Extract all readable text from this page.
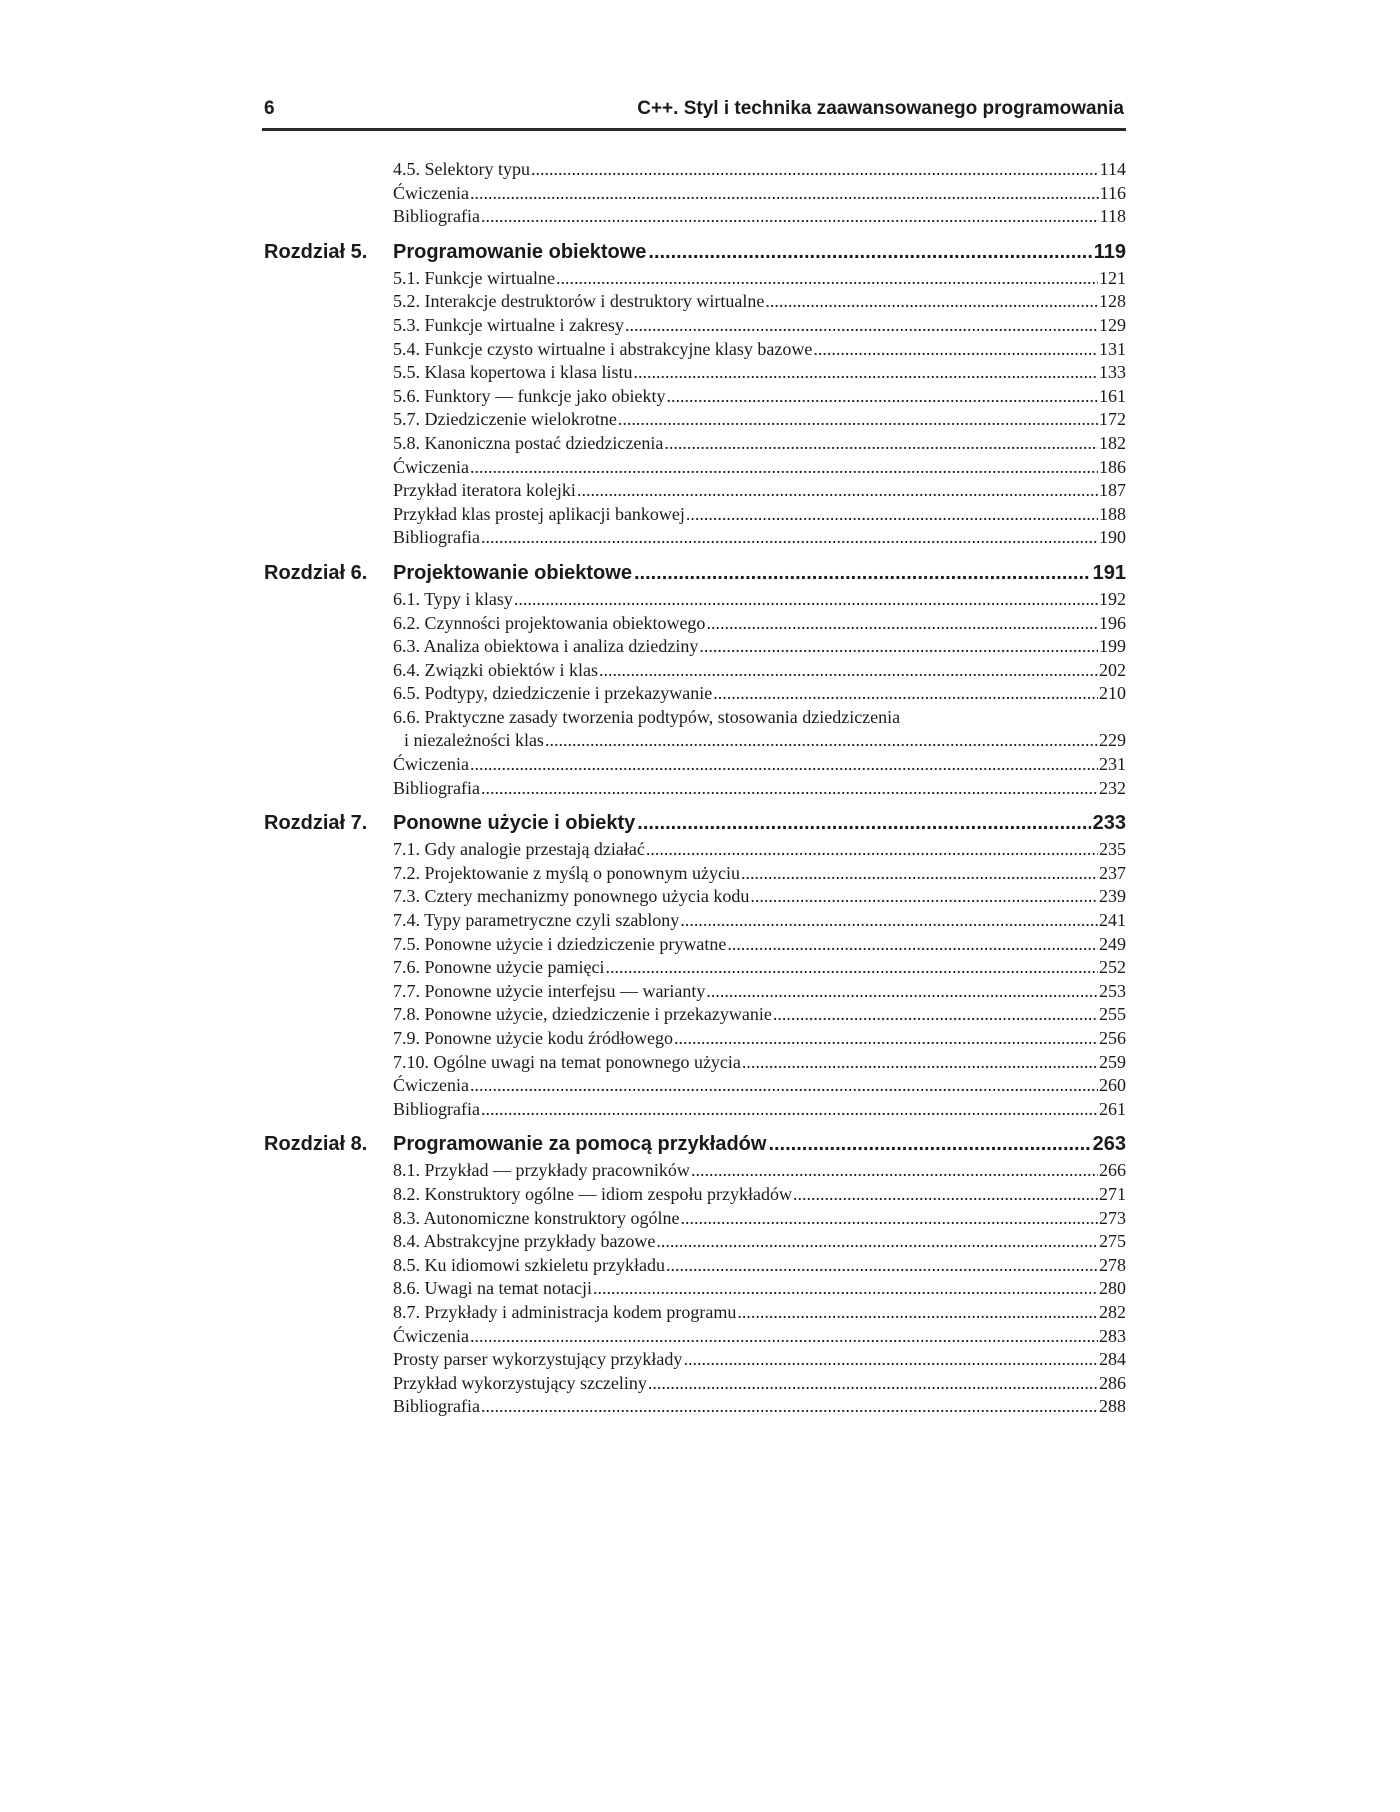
6	C++. Styl i technika zaawansowanego programowania
4.5. Selektory typu .....	114
Ćwiczenia .....	116
Bibliografia .....	118
Rozdział 5. Programowanie obiektowe .....	119
5.1. Funkcje wirtualne .....	121
5.2. Interakcje destruktorów i destruktory wirtualne .....	128
5.3. Funkcje wirtualne i zakresy .....	129
5.4. Funkcje czysto wirtualne i abstrakcyjne klasy bazowe .....	131
5.5. Klasa kopertowa i klasa listu .....	133
5.6. Funktory — funkcje jako obiekty .....	161
5.7. Dziedziczenie wielokrotne .....	172
5.8. Kanoniczna postać dziedziczenia .....	182
Ćwiczenia .....	186
Przykład iteratora kolejki .....	187
Przykład klas prostej aplikacji bankowej .....	188
Bibliografia .....	190
Rozdział 6. Projektowanie obiektowe .....	191
6.1. Typy i klasy .....	192
6.2. Czynności projektowania obiektowego .....	196
6.3. Analiza obiektowa i analiza dziedziny .....	199
6.4. Związki obiektów i klas .....	202
6.5. Podtypy, dziedziczenie i przekazywanie .....	210
6.6. Praktyczne zasady tworzenia podtypów, stosowania dziedziczenia
i niezależności klas .....	229
Ćwiczenia .....	231
Bibliografia .....	232
Rozdział 7. Ponowne użycie i obiekty .....	233
7.1. Gdy analogie przestają działać .....	235
7.2. Projektowanie z myślą o ponownym użyciu .....	237
7.3. Cztery mechanizmy ponownego użycia kodu .....	239
7.4. Typy parametryczne czyli szablony .....	241
7.5. Ponowne użycie i dziedziczenie prywatne .....	249
7.6. Ponowne użycie pamięci .....	252
7.7. Ponowne użycie interfejsu — warianty .....	253
7.8. Ponowne użycie, dziedziczenie i przekazywanie .....	255
7.9. Ponowne użycie kodu źródłowego .....	256
7.10. Ogólne uwagi na temat ponownego użycia .....	259
Ćwiczenia .....	260
Bibliografia .....	261
Rozdział 8. Programowanie za pomocą przykładów .....	263
8.1. Przykład — przykłady pracowników .....	266
8.2. Konstruktory ogólne — idiom zespołu przykładów .....	271
8.3. Autonomiczne konstruktory ogólne .....	273
8.4. Abstrakcyjne przykłady bazowe .....	275
8.5. Ku idiomowi szkieletu przykładu .....	278
8.6. Uwagi na temat notacji .....	280
8.7. Przykłady i administracja kodem programu .....	282
Ćwiczenia .....	283
Prosty parser wykorzystujący przykłady .....	284
Przykład wykorzystujący szczeliny .....	286
Bibliografia .....	288
